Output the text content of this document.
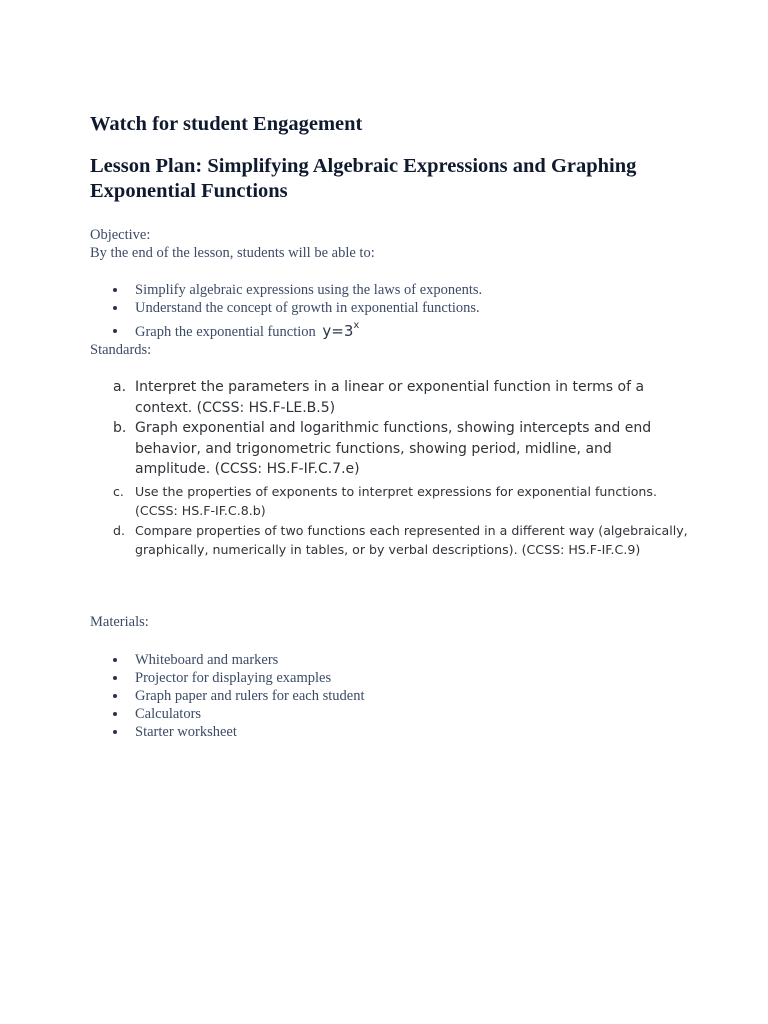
Watch for student Engagement
Lesson Plan: Simplifying Algebraic Expressions and Graphing Exponential Functions

Objective:

By the end of the lesson, students will be able to:

Simplify algebraic expressions using the laws of exponents.
Understand the concept of growth in exponential functions.
Graph the exponential function $y=3^x$

Standards:

a. Interpret the parameters in a linear or exponential function in terms of a context. (CCSS: HS.F-LE.B.5)
b. Graph exponential and logarithmic functions, showing intercepts and end behavior, and trigonometric functions, showing period, midline, and amplitude. (CCSS: HS.F-IF.C.7.e)
c. Use the properties of exponents to interpret expressions for exponential functions. (CCSS: HS.F-IF.C.8.b)
d. Compare properties of two functions each represented in a different way (algebraically, graphically, numerically in tables, or by verbal descriptions). (CCSS: HS.F-IF.C.9)

Materials:

Whiteboard and markers
Projector for displaying examples
Graph paper and rulers for each student
Calculators
Starter worksheet
